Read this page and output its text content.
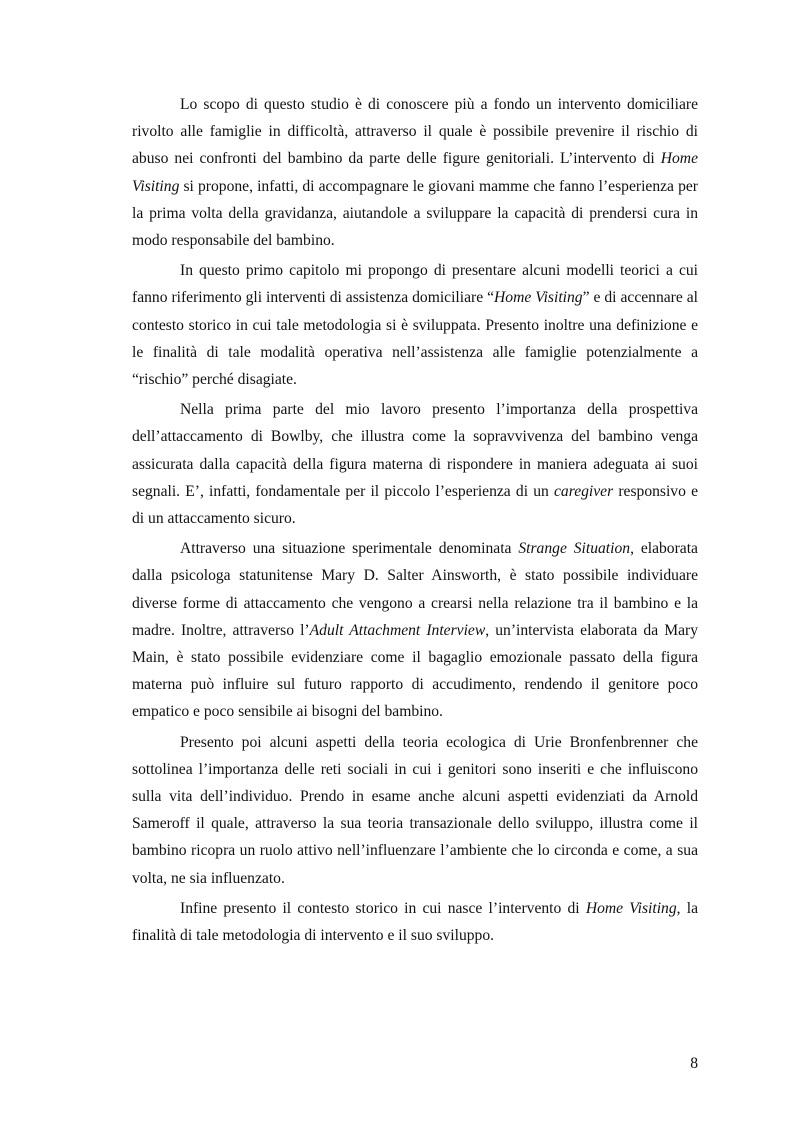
Lo scopo di questo studio è di conoscere più a fondo un intervento domiciliare rivolto alle famiglie in difficoltà, attraverso il quale è possibile prevenire il rischio di abuso nei confronti del bambino da parte delle figure genitoriali. L’intervento di Home Visiting si propone, infatti, di accompagnare le giovani mamme che fanno l’esperienza per la prima volta della gravidanza, aiutandole a sviluppare la capacità di prendersi cura in modo responsabile del bambino.

In questo primo capitolo mi propongo di presentare alcuni modelli teorici a cui fanno riferimento gli interventi di assistenza domiciliare “Home Visiting” e di accennare al contesto storico in cui tale metodologia si è sviluppata. Presento inoltre una definizione e le finalità di tale modalità operativa nell’assistenza alle famiglie potenzialmente a “rischio” perché disagiate.

Nella prima parte del mio lavoro presento l’importanza della prospettiva dell’attaccamento di Bowlby, che illustra come la sopravvivenza del bambino venga assicurata dalla capacità della figura materna di rispondere in maniera adeguata ai suoi segnali. E’, infatti, fondamentale per il piccolo l’esperienza di un caregiver responsivo e di un attaccamento sicuro.

Attraverso una situazione sperimentale denominata Strange Situation, elaborata dalla psicologa statunitense Mary D. Salter Ainsworth, è stato possibile individuare diverse forme di attaccamento che vengono a crearsi nella relazione tra il bambino e la madre. Inoltre, attraverso l’Adult Attachment Interview, un’intervista elaborata da Mary Main, è stato possibile evidenziare come il bagaglio emozionale passato della figura materna può influire sul futuro rapporto di accudimento, rendendo il genitore poco empatico e poco sensibile ai bisogni del bambino.

Presento poi alcuni aspetti della teoria ecologica di Urie Bronfenbrenner che sottolinea l’importanza delle reti sociali in cui i genitori sono inseriti e che influiscono sulla vita dell’individuo. Prendo in esame anche alcuni aspetti evidenziati da Arnold Sameroff il quale, attraverso la sua teoria transazionale dello sviluppo, illustra come il bambino ricopra un ruolo attivo nell’influenzare l’ambiente che lo circonda e come, a sua volta, ne sia influenzato.

Infine presento il contesto storico in cui nasce l’intervento di Home Visiting, la finalità di tale metodologia di intervento e il suo sviluppo.

8
